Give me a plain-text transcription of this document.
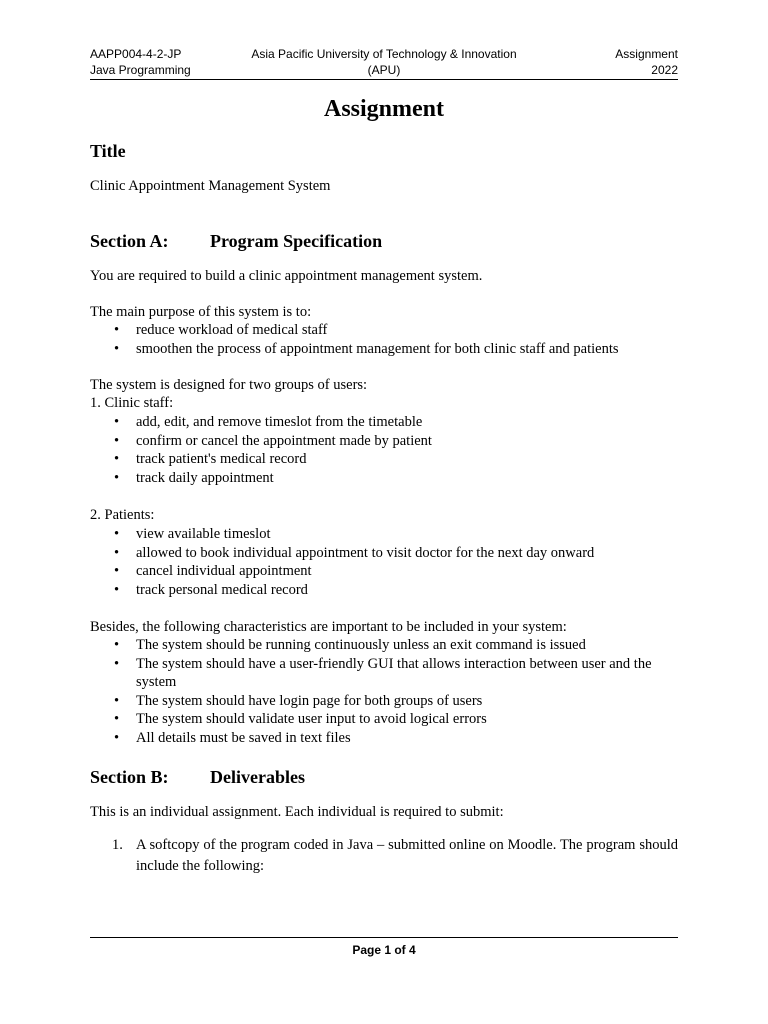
AAPP004-4-2-JP
Java Programming
Asia Pacific University of Technology & Innovation
(APU)
Assignment
2022
Assignment
Title

Clinic Appointment Management System

Section A: Program Specification

You are required to build a clinic appointment management system.

The main purpose of this system is to:

• reduce workload of medical staff
• smoothen the process of appointment management for both clinic staff and patients

The system is designed for two groups of users:

1. Clinic staff:

• add, edit, and remove timeslot from the timetable
• confirm or cancel the appointment made by patient
• track patient's medical record
• track daily appointment

2. Patients:

• view available timeslot
• allowed to book individual appointment to visit doctor for the next day onward
• cancel individual appointment
• track personal medical record

Besides, the following characteristics are important to be included in your system:

• The system should be running continuously unless an exit command is issued
• The system should have a user-friendly GUI that allows interaction between user and the system
• The system should have login page for both groups of users
• The system should validate user input to avoid logical errors
• All details must be saved in text files
Section B: Deliverables

This is an individual assignment. Each individual is required to submit:

1. A softcopy of the program coded in Java – submitted online on Moodle. The program should include the following:
Page 1 of 4
